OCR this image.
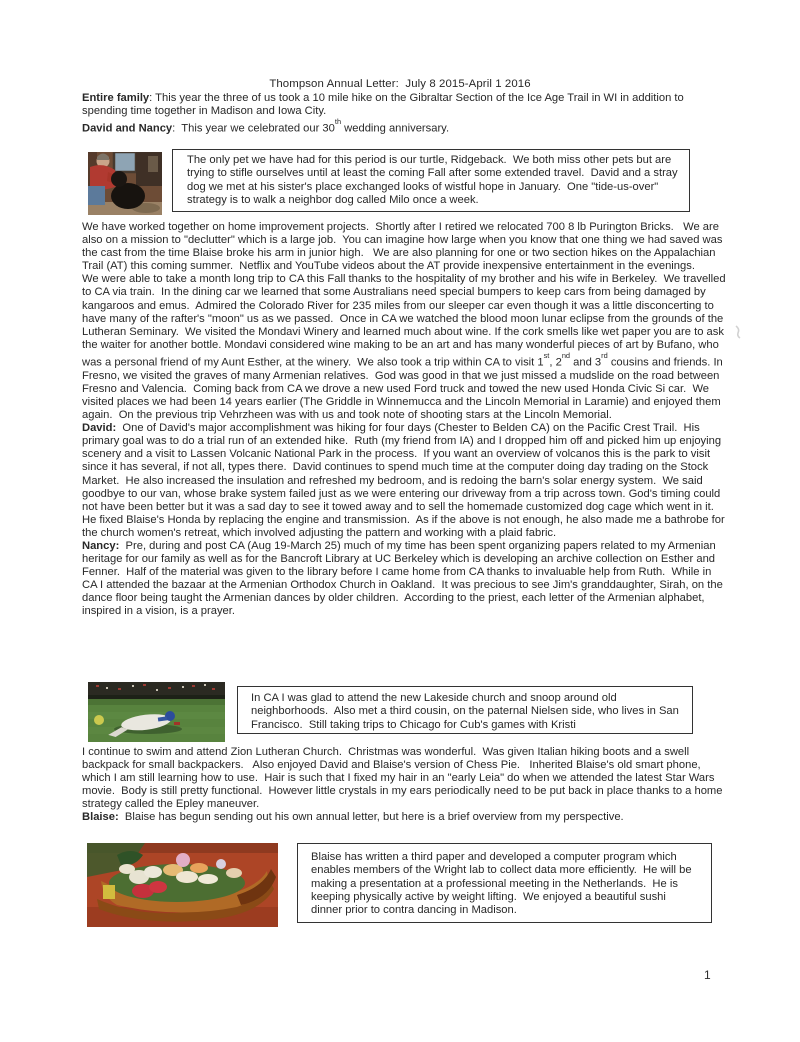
Thompson Annual Letter:  July 8 2015-April 1 2016

Entire family: This year the three of us took a 10 mile hike on the Gibraltar Section of the Ice Age Trail in WI in addition to spending time together in Madison and Iowa City.

David and Nancy:  This year we celebrated our 30th wedding anniversary.

The only pet we have had for this period is our turtle, Ridgeback.  We both miss other pets but are trying to stifle ourselves until at least the coming Fall after some extended travel.  David and a stray dog we met at his sister's place exchanged looks of wistful hope in January.  One "tide-us-over" strategy is to walk a neighbor dog called Milo once a week.

We have worked together on home improvement projects.  Shortly after I retired we relocated 700 8 lb Purington Bricks.   We are also on a mission to "declutter" which is a large job.  You can imagine how large when you know that one thing we had saved was the cast from the time Blaise broke his arm in junior high.   We are also planning for one or two section hikes on the Appalachian Trail (AT) this coming summer.  Netflix and YouTube videos about the AT provide inexpensive entertainment in the evenings.

We were able to take a month long trip to CA this Fall thanks to the hospitality of my brother and his wife in Berkeley.  We travelled to CA via train.  In the dining car we learned that some Australians need special bumpers to keep cars from being damaged by kangaroos and emus.  Admired the Colorado River for 235 miles from our sleeper car even though it was a little disconcerting to have many of the rafter's "moon" us as we passed.  Once in CA we watched the blood moon lunar eclipse from the grounds of the Lutheran Seminary.  We visited the Mondavi Winery and learned much about wine. If the cork smells like wet paper you are to ask the waiter for another bottle. Mondavi considered wine making to be an art and has many wonderful pieces of art by Bufano, who was a personal friend of my Aunt Esther, at the winery.  We also took a trip within CA to visit 1st, 2nd and 3rd cousins and friends. In Fresno, we visited the graves of many Armenian relatives.  God was good in that we just missed a mudslide on the road between Fresno and Valencia.  Coming back from CA we drove a new used Ford truck and towed the new used Honda Civic Si car.  We visited places we had been 14 years earlier (The Griddle in Winnemucca and the Lincoln Memorial in Laramie) and enjoyed them again.  On the previous trip Vehrzheen was with us and took note of shooting stars at the Lincoln Memorial.

David:  One of David's major accomplishment was hiking for four days (Chester to Belden CA) on the Pacific Crest Trail.  His primary goal was to do a trial run of an extended hike.  Ruth (my friend from IA) and I dropped him off and picked him up enjoying scenery and a visit to Lassen Volcanic National Park in the process.  If you want an overview of volcanos this is the park to visit since it has several, if not all, types there.  David continues to spend much time at the computer doing day trading on the Stock Market.  He also increased the insulation and refreshed my bedroom, and is redoing the barn's solar energy system.  We said goodbye to our van, whose brake system failed just as we were entering our driveway from a trip across town. God's timing could not have been better but it was a sad day to see it towed away and to sell the homemade customized dog cage which went in it.  He fixed Blaise's Honda by replacing the engine and transmission.  As if the above is not enough, he also made me a bathrobe for the church women's retreat, which involved adjusting the pattern and working with a plaid fabric.

Nancy:  Pre, during and post CA (Aug 19-March 25) much of my time has been spent organizing papers related to my Armenian heritage for our family as well as for the Bancroft Library at UC Berkeley which is developing an archive collection on Esther and Fenner.  Half of the material was given to the library before I came home from CA thanks to invaluable help from Ruth.  While in CA I attended the bazaar at the Armenian Orthodox Church in Oakland.  It was precious to see Jim's granddaughter, Sirah, on the dance floor being taught the Armenian dances by older children.  According to the priest, each letter of the Armenian alphabet, inspired in a vision, is a prayer.

In CA I was glad to attend the new Lakeside church and snoop around old neighborhoods.  Also met a third cousin, on the paternal Nielsen side, who lives in San Francisco.  Still taking trips to Chicago for Cub's games with Kristi

I continue to swim and attend Zion Lutheran Church.  Christmas was wonderful.  Was given Italian hiking boots and a swell backpack for small backpackers.   Also enjoyed David and Blaise's version of Chess Pie.   Inherited Blaise's old smart phone, which I am still learning how to use.  Hair is such that I fixed my hair in an "early Leia" do when we attended the latest Star Wars movie.  Body is still pretty functional.  However little crystals in my ears periodically need to be put back in place thanks to a home strategy called the Epley maneuver.

Blaise:  Blaise has begun sending out his own annual letter, but here is a brief overview from my perspective.

Blaise has written a third paper and developed a computer program which enables members of the Wright lab to collect data more efficiently.  He will be making a presentation at a professional meeting in the Netherlands.  He is keeping physically active by weight lifting.  We enjoyed a beautiful sushi dinner prior to contra dancing in Madison.
1
